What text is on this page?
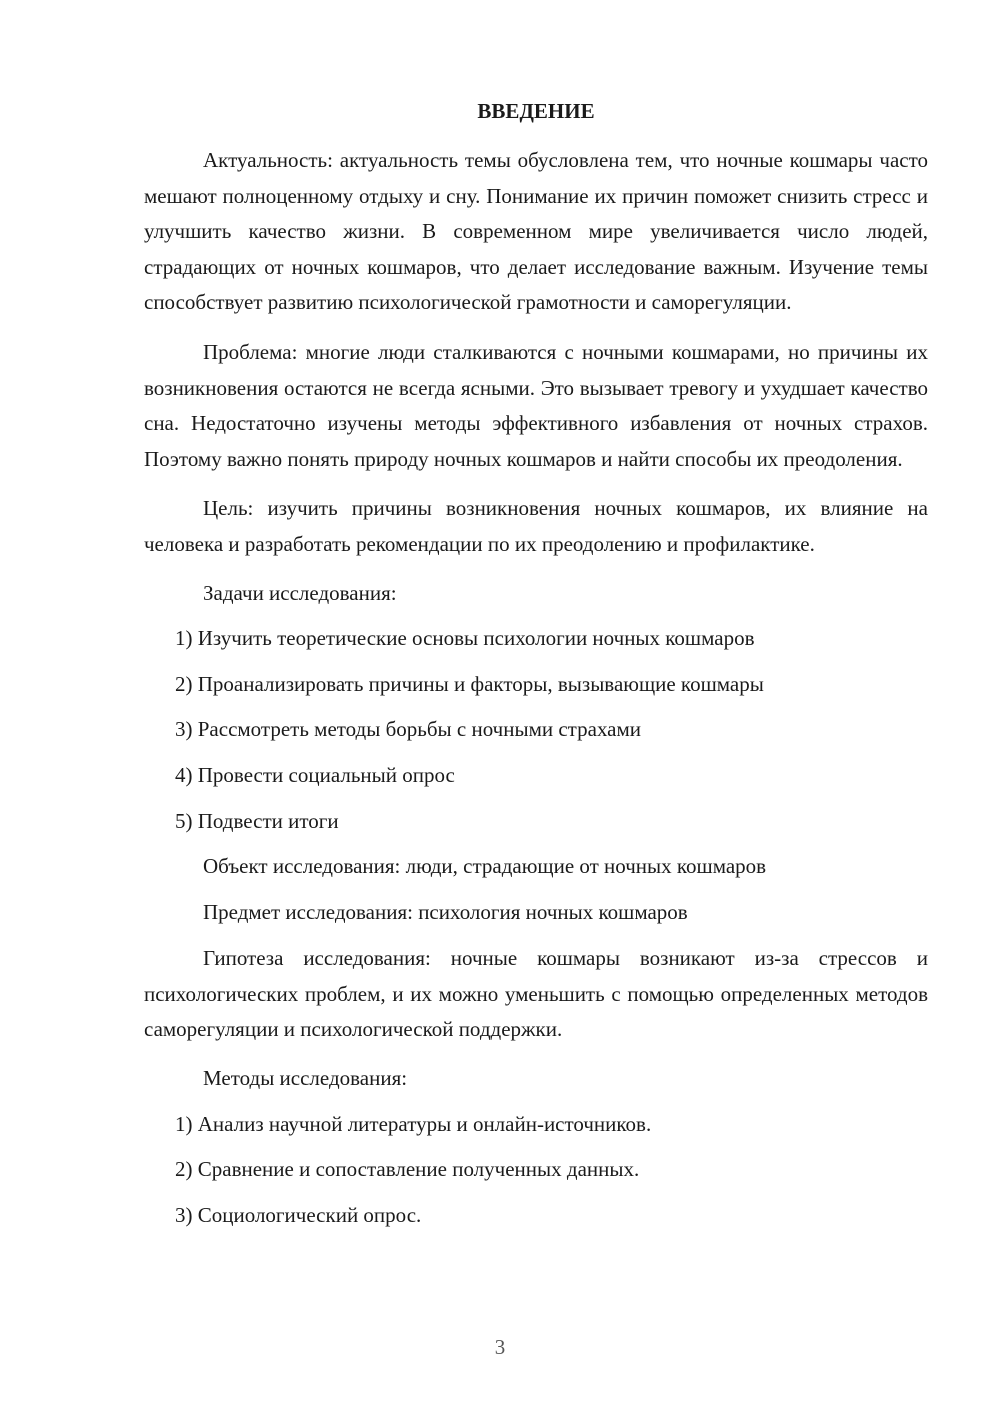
ВВЕДЕНИЕ

Актуальность: актуальность темы обусловлена тем, что ночные кошмары часто мешают полноценному отдыху и сну. Понимание их причин поможет снизить стресс и улучшить качество жизни. В современном мире увеличивается число людей, страдающих от ночных кошмаров, что делает исследование важным. Изучение темы способствует развитию психологической грамотности и саморегуляции.

Проблема: многие люди сталкиваются с ночными кошмарами, но причины их возникновения остаются не всегда ясными. Это вызывает тревогу и ухудшает качество сна. Недостаточно изучены методы эффективного избавления от ночных страхов. Поэтому важно понять природу ночных кошмаров и найти способы их преодоления.

Цель: изучить причины возникновения ночных кошмаров, их влияние на человека и разработать рекомендации по их преодолению и профилактике.

Задачи исследования:
1) Изучить теоретические основы психологии ночных кошмаров
2) Проанализировать причины и факторы, вызывающие кошмары
3) Рассмотреть методы борьбы с ночными страхами
4) Провести социальный опрос
5) Подвести итоги
Объект исследования: люди, страдающие от ночных кошмаров
Предмет исследования: психология ночных кошмаров

Гипотеза исследования: ночные кошмары возникают из-за стрессов и психологических проблем, и их можно уменьшить с помощью определенных методов саморегуляции и психологической поддержки.

Методы исследования:
1) Анализ научной литературы и онлайн-источников.
2) Сравнение и сопоставление полученных данных.
3) Социологический опрос.
3
